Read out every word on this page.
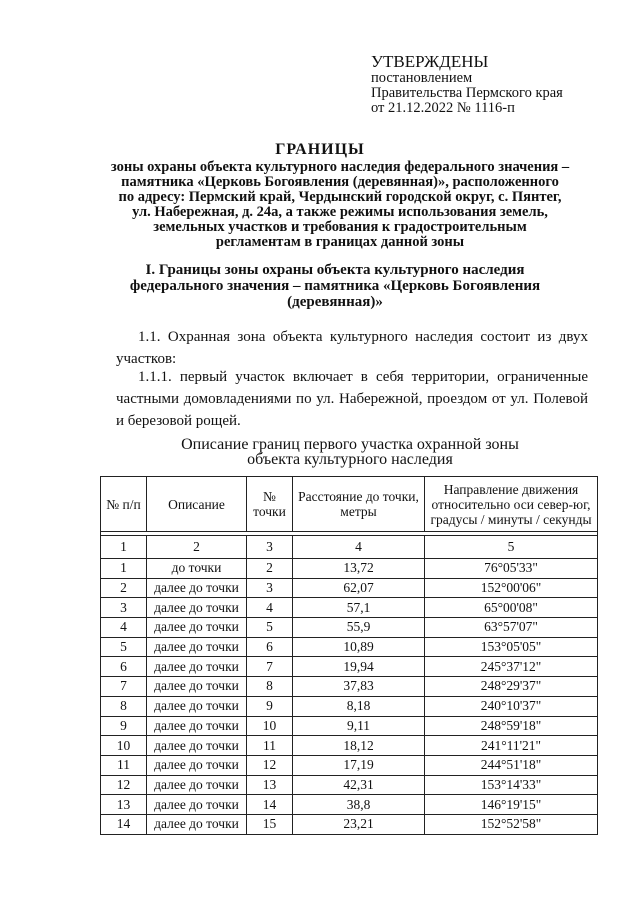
УТВЕРЖДЕНЫ
постановлением
Правительства Пермского края
от 21.12.2022 № 1116-п
ГРАНИЦЫ
зоны охраны объекта культурного наследия федерального значения –
памятника «Церковь Богоявления (деревянная)», расположенного
по адресу: Пермский край, Чердынский городской округ, с. Пянтег,
ул. Набережная, д. 24а, а также режимы использования земель,
земельных участков и требования к градостроительным
регламентам в границах данной зоны
I. Границы зоны охраны объекта культурного наследия
федерального значения – памятника «Церковь Богоявления
(деревянная)»
1.1. Охранная зона объекта культурного наследия состоит из двух участков:
1.1.1. первый участок включает в себя территории, ограниченные частными домовладениями по ул. Набережной, проездом от ул. Полевой и березовой рощей.
Описание границ первого участка охранной зоны
объекта культурного наследия
№ п/п	Описание	№ точки	Расстояние до точки, метры	Направление движения относительно оси север-юг, градусы / минуты / секунды

1	2	3	4	5
1	до точки	2	13,72	76°05'33"
2	далее до точки	3	62,07	152°00'06"
3	далее до точки	4	57,1	65°00'08"
4	далее до точки	5	55,9	63°57'07"
5	далее до точки	6	10,89	153°05'05"
6	далее до точки	7	19,94	245°37'12"
7	далее до точки	8	37,83	248°29'37"
8	далее до точки	9	8,18	240°10'37"
9	далее до точки	10	9,11	248°59'18"
10	далее до точки	11	18,12	241°11'21"
11	далее до точки	12	17,19	244°51'18"
12	далее до точки	13	42,31	153°14'33"
13	далее до точки	14	38,8	146°19'15"
14	далее до точки	15	23,21	152°52'58"
